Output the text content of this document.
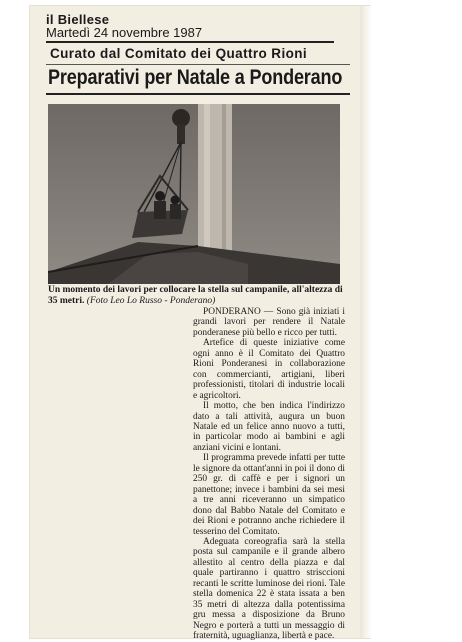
il Biellese
Martedì 24 novembre 1987
Curato dal Comitato dei Quattro Rioni
Preparativi per Natale a Ponderano
Un momento dei lavori per collocare la stella sul campanile, all'altezza di 35 metri. (Foto Leo Lo Russo - Ponderano)

PONDERANO — Sono già iniziati i grandi lavori per rendere il Natale ponderanese più bello e ricco per tutti.

Artefice di queste iniziative come ogni anno è il Comitato dei Quattro Rioni Ponderanesi in collaborazione con commercianti, artigiani, liberi professionisti, titolari di industrie locali e agricoltori.

Il motto, che ben indica l'indirizzo dato a tali attività, augura un buon Natale ed un felice anno nuovo a tutti, in particolar modo ai bambini e agli anziani vicini e lontani.

Il programma prevede infatti per tutte le signore da ottant'anni in poi il dono di 250 gr. di caffè e per i signori un panettone; invece i bambini da sei mesi a tre anni riceveranno un simpatico dono dal Babbo Natale del Comitato e dei Rioni e potranno anche richiedere il tesserino del Comitato.

Adeguata coreografia sarà la stella posta sul campanile e il grande albero allestito al centro della piazza e dal quale partiranno i quattro strisccioni recanti le scritte luminose dei rioni. Tale stella domenica 22 è stata issata a ben 35 metri di altezza dalla potentissima gru messa a disposizione da Bruno Negro e porterà a tutti un messaggio di fraternità, uguaglianza, libertà e pace.
